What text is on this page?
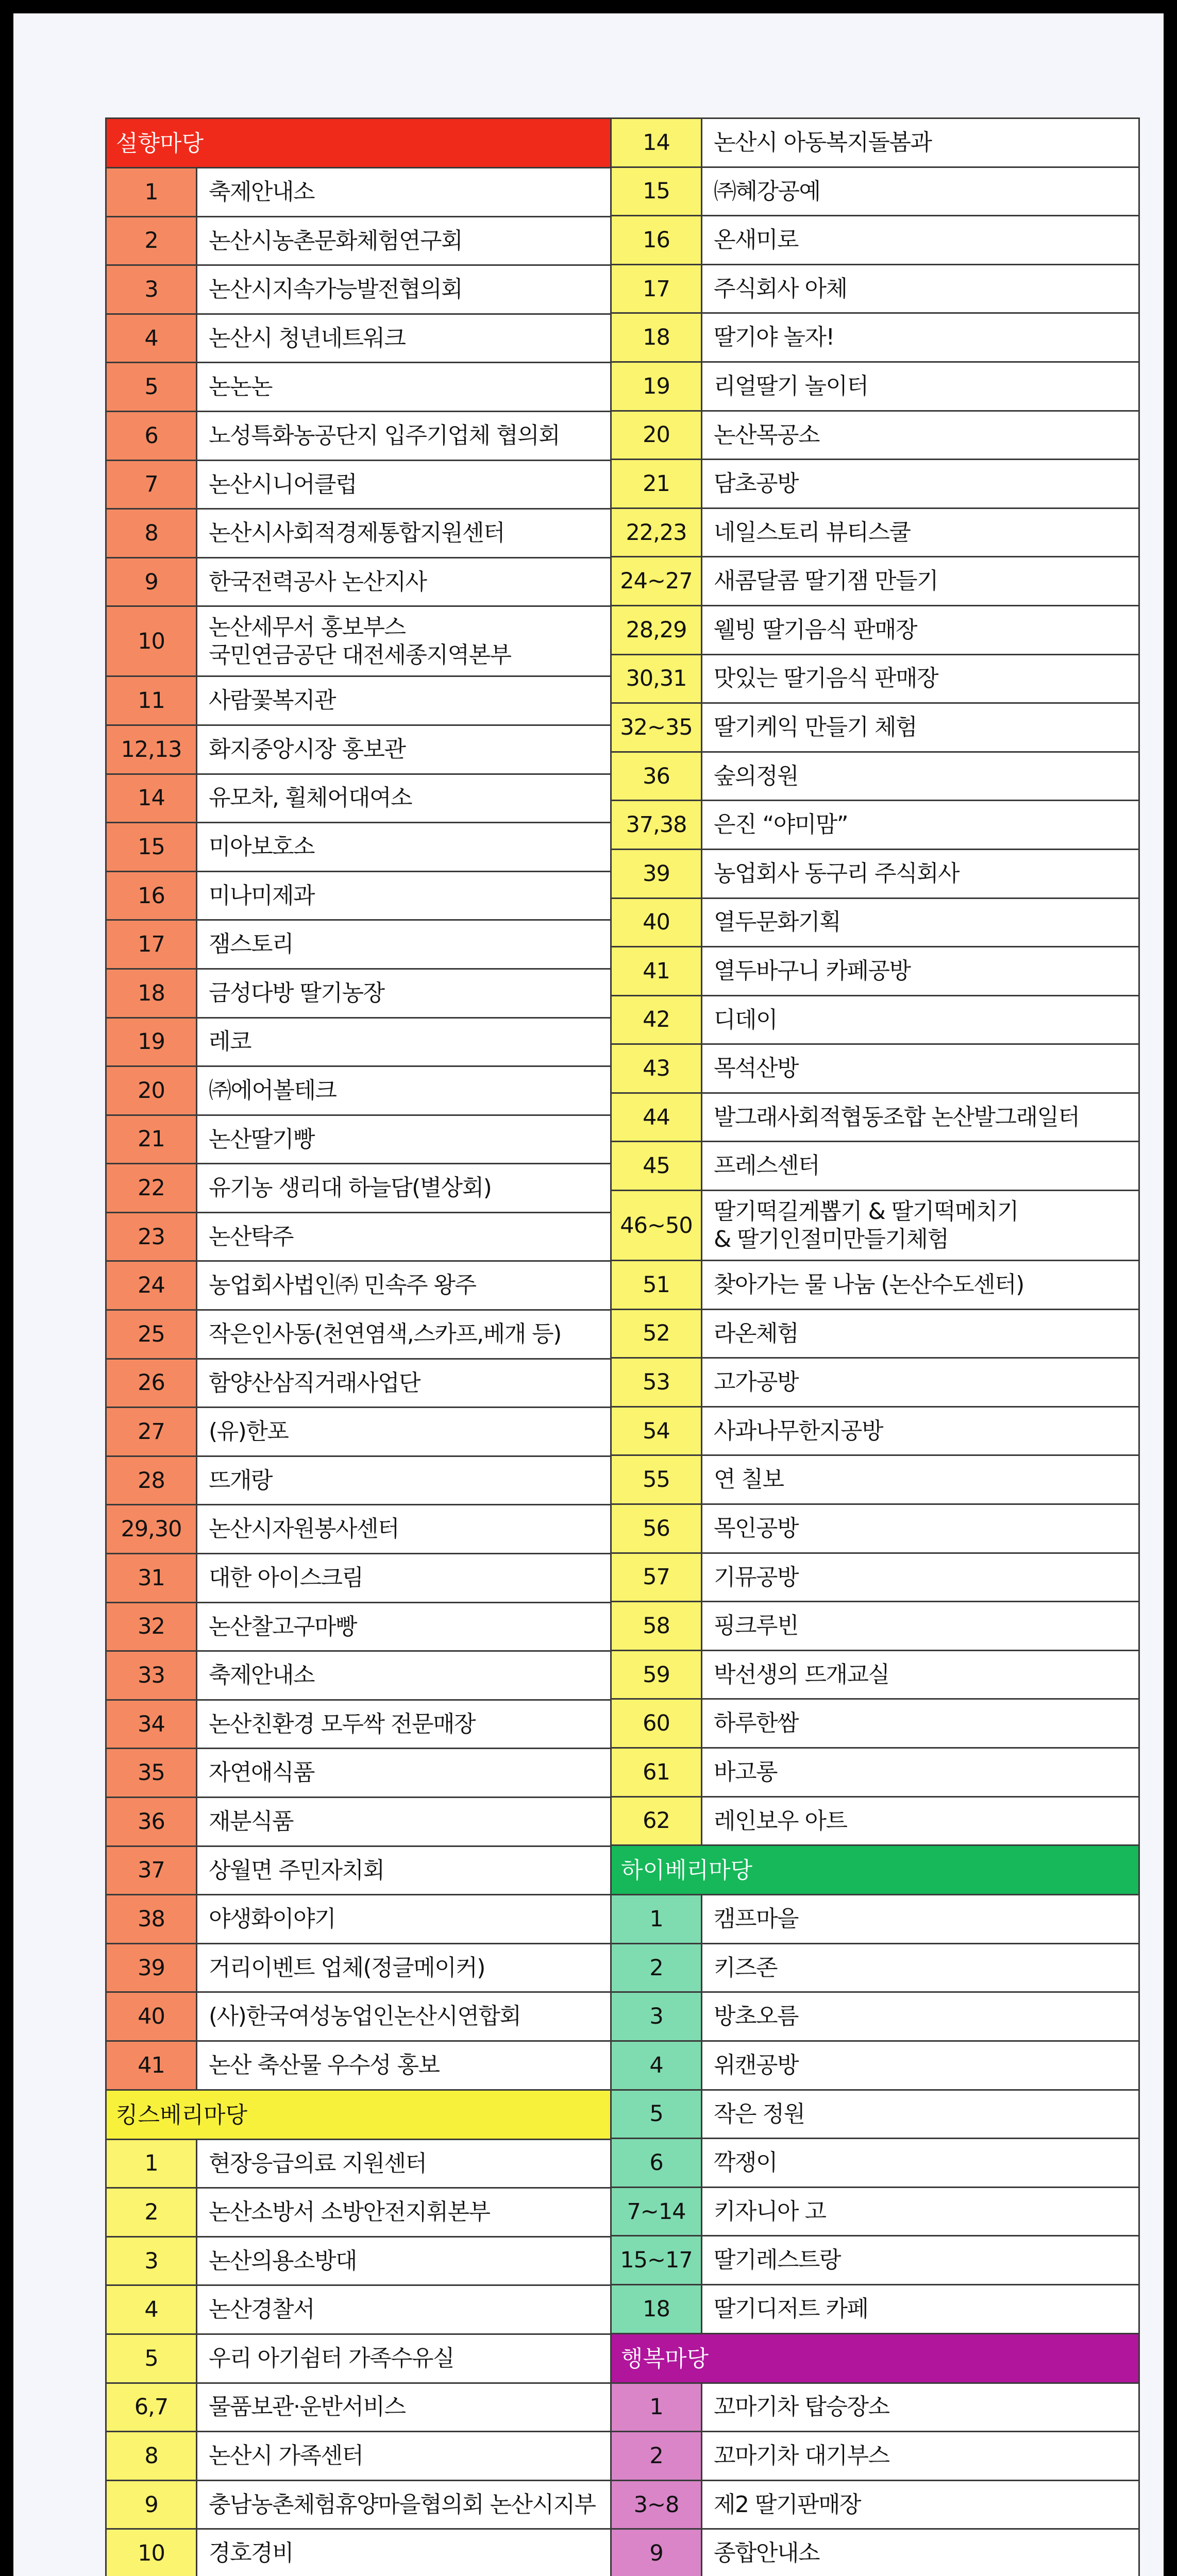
설향마당
1	축제안내소
2	논산시농촌문화체험연구회
3	논산시지속가능발전협의회
4	논산시 청년네트워크
5	논논논
6	노성특화농공단지 입주기업체 협의회
7	논산시니어클럽
8	논산시사회적경제통합지원센터
9	한국전력공사 논산지사
10
논산세무서 홍보부스
국민연금공단 대전세종지역본부
11	사람꽃복지관
12,13	화지중앙시장 홍보관
14	유모차, 휠체어대여소
15	미아보호소
16	미나미제과
17	잼스토리
18	금성다방 딸기농장
19	레코
20	㈜에어볼테크
21	논산딸기빵
22	유기농 생리대 하늘담(별상회)
23	논산탁주
24	농업회사법인㈜ 민속주 왕주
25	작은인사동(천연염색,스카프,베개 등)
26	함양산삼직거래사업단
27	(유)한포
28	뜨개랑
29,30	논산시자원봉사센터
31	대한 아이스크림
32	논산찰고구마빵
33	축제안내소
34	논산친환경 모두싹 전문매장
35	자연애식품
36	재분식품
37	상월면 주민자치회
38	야생화이야기
39	거리이벤트 업체(정글메이커)
40	(사)한국여성농업인논산시연합회
41	논산 축산물 우수성 홍보
킹스베리마당
1	현장응급의료 지원센터
2	논산소방서 소방안전지휘본부
3	논산의용소방대
4	논산경찰서
5	우리 아기쉼터 가족수유실
6,7	물품보관·운반서비스
8	논산시 가족센터
9	충남농촌체험휴양마을협의회 논산시지부
10	경호경비
14	논산시 아동복지돌봄과
15	㈜혜강공예
16	온새미로
17	주식회사 아체
18	딸기야 놀자!
19	리얼딸기 놀이터
20	논산목공소
21	담초공방
22,23	네일스토리 뷰티스쿨
24~27 새콤달콤 딸기잼 만들기
28,29	웰빙 딸기음식 판매장
30,31	맛있는 딸기음식 판매장
32~35 딸기케익 만들기 체험
36	숲의정원
37,38	은진 “야미맘”
39	농업회사 동구리 주식회사
40	열두문화기획
41	열두바구니 카페공방
42	디데이
43	목석산방
44	발그래사회적협동조합 논산발그래일터
45	프레스센터
46~50
딸기떡길게뽑기 & 딸기떡메치기
& 딸기인절미만들기체험
51	찾아가는 물 나눔 (논산수도센터)
52	라온체험
53	고가공방
54	사과나무한지공방
55	연 칠보
56	목인공방
57	기뮤공방
58	핑크루빈
59	박선생의 뜨개교실
60	하루한쌈
61	바고롱
62	레인보우 아트
하이베리마당
1	캠프마을
2	키즈존
3	방초오름
4	위캔공방
5	작은 정원
6	깍쟁이
7~14	키자니아 고
15~17 딸기레스트랑
18	딸기디저트 카페
행복마당
1	꼬마기차 탑승장소
2	꼬마기차 대기부스
3~8	제2 딸기판매장
9	종합안내소
